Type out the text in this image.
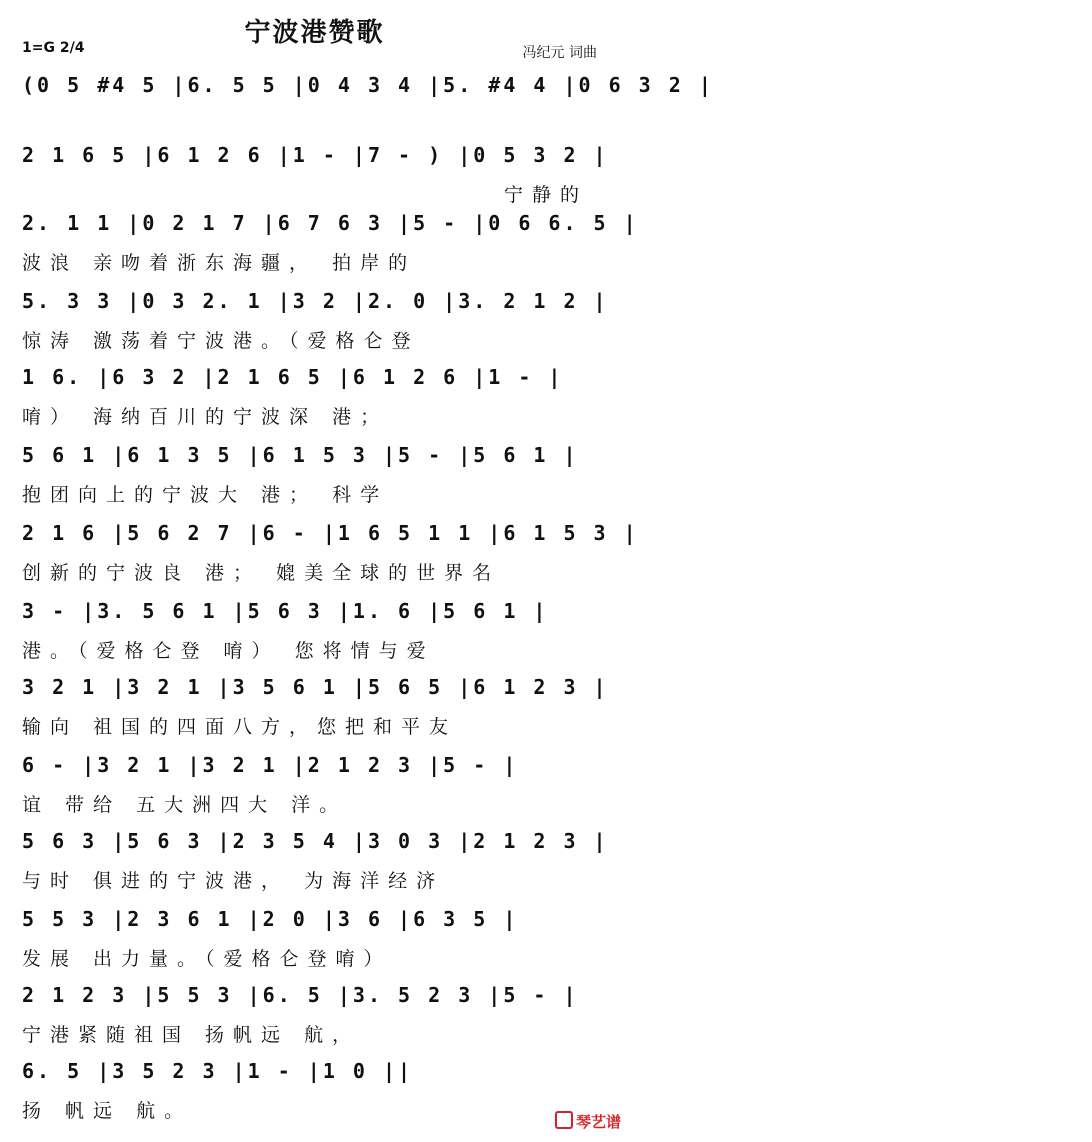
宁波港赞歌
1=G 2/4	冯纪元 词曲
(0 5 #4 5 |6. 5 5 |0 4 3 4 |5. #4 4 |0 6 3 2 |
2 1 6 5 |6 1 2 6 |1 - |7 - ) |0 5 3 2 |
宁静的
2. 1 1 |0 2 1 7 |6 7 6 3 |5 - |0 6 6. 5 |
波浪 亲吻着浙东海疆， 拍岸的
5. 3 3 |0 3 2. 1 |3 2 |2. 0 |3. 2 1 2 |
惊涛 激荡着宁波港。（爱格仑登
1 6. |6 3 2 |2 1 6 5 |6 1 2 6 |1 - |
唷） 海纳百川的宁波深 港；
5 6 1 |6 1 3 5 |6 1 5 3 |5 - |5 6 1 |
抱团向上的宁波大 港； 科学
2 1 6 |5 6 2 7 |6 - |1 6 5 1 1 |6 1 5 3 |
创新的宁波良 港； 媲美全球的世界名
3 - |3. 5 6 1 |5 6 3 |1. 6 |5 6 1 |
港。（爱格仑登 唷） 您将情与爱
3 2 1 |3 2 1 |3 5 6 1 |5 6 5 |6 1 2 3 |
输向 祖国的四面八方，您把和平友
6 - |3 2 1 |3 2 1 |2 1 2 3 |5 - |
谊 带给 五大洲四大 洋。
5 6 3 |5 6 3 |2 3 5 4 |3 0 3 |2 1 2 3 |
与时 俱进的宁波港， 为海洋经济
5 5 3 |2 3 6 1 |2 0 |3 6 |6 3 5 |
发展 出力量。（爱格仑登唷）
2 1 2 3 |5 5 3 |6. 5 |3. 5 2 3 |5 - |
宁港紧随祖国 扬帆远 航，
6. 5 |3 5 2 3 |1 - |1 0 ||
扬 帆远 航。	琴艺谱
